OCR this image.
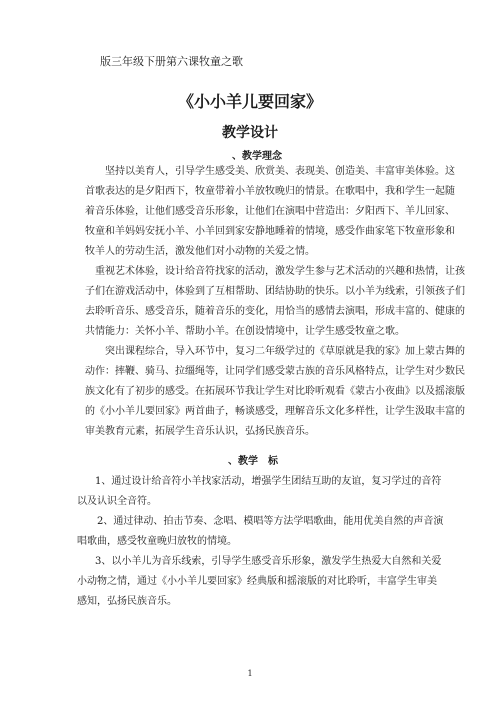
版三年级下册第六课牧童之歌
《小小羊儿要回家》
教学设计
、教学理念
坚持以美育人，引导学生感受美、欣赏美、表现美、创造美、丰富审美体验。这
首歌表达的是夕阳西下，牧童带着小羊放牧晚归的情景。在歌唱中，我和学生一起随
着音乐体验，让他们感受音乐形象，让他们在演唱中营造出：夕阳西下、羊儿回家、
牧童和羊妈妈安抚小羊、小羊回到家安静地睡着的情境，感受作曲家笔下牧童形象和
牧羊人的劳动生活，激发他们对小动物的关爱之情。
重视艺术体验，设计给音符找家的活动，激发学生参与艺术活动的兴趣和热情，让孩
子们在游戏活动中，体验到了互相帮助、团结协助的快乐。以小羊为线索，引领孩子们
去聆听音乐、感受音乐，随着音乐的变化，用恰当的感情去演唱，形成丰富的、健康的
共情能力：关怀小羊、帮助小羊。在创设情境中，让学生感受牧童之歌。
突出课程综合，导入环节中，复习二年级学过的《草原就是我的家》加上蒙古舞的
动作：摔鞭、骑马、拉缰绳等，让同学们感受蒙古族的音乐风格特点，让学生对少数民
族文化有了初步的感受。在拓展环节我让学生对比聆听观看《蒙古小夜曲》以及摇滚版
的《小小羊儿要回家》两首曲子，畅谈感受，理解音乐文化多样性，让学生汲取丰富的
审美教育元素，拓展学生音乐认识，弘扬民族音乐。
、教学　标
1、通过设计给音符小羊找家活动，增强学生团结互助的友谊，复习学过的音符
以及认识全音符。
2、通过律动、拍击节奏、念唱、模唱等方法学唱歌曲，能用优美自然的声音演
唱歌曲，感受牧童晚归放牧的情境。
3、以小羊儿为音乐线索，引导学生感受音乐形象，激发学生热爱大自然和关爱
小动物之情，通过《小小羊儿要回家》经典版和摇滚版的对比聆听，丰富学生审美
感知，弘扬民族音乐。
1
